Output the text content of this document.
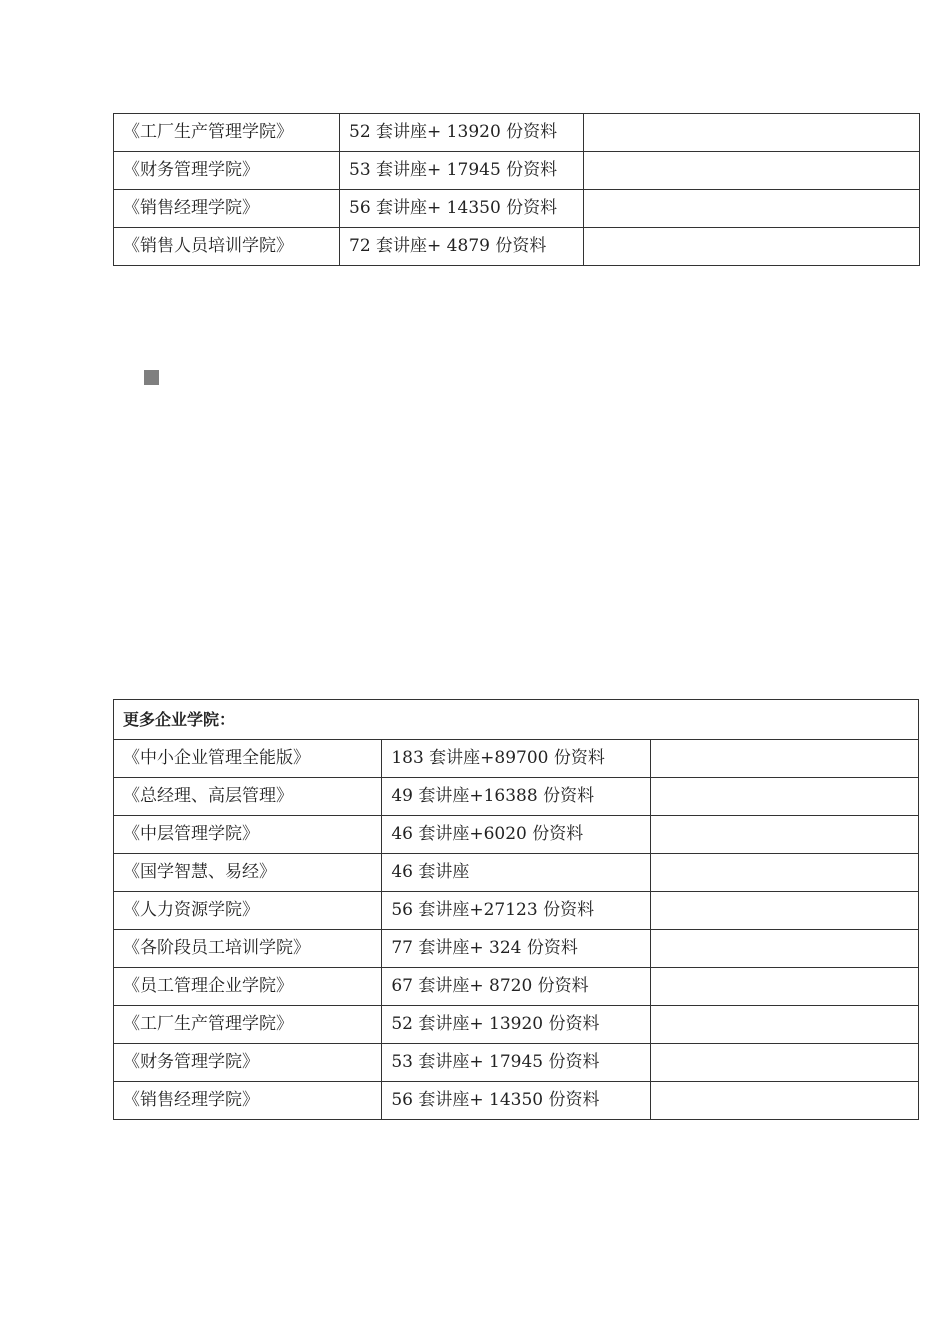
《工厂生产管理学院》	52 套讲座+ 13920 份资料	
《财务管理学院》	53 套讲座+ 17945 份资料	
《销售经理学院》	56 套讲座+ 14350 份资料	
《销售人员培训学院》	72 套讲座+ 4879 份资料	
更多企业学院：		
《中小企业管理全能版》	183 套讲座+89700 份资料	
《总经理、高层管理》	49 套讲座+16388 份资料	
《中层管理学院》	46 套讲座+6020 份资料	
《国学智慧、易经》	46 套讲座	
《人力资源学院》	56 套讲座+27123 份资料	
《各阶段员工培训学院》	77 套讲座+ 324 份资料	
《员工管理企业学院》	67 套讲座+ 8720 份资料	
《工厂生产管理学院》	52 套讲座+ 13920 份资料	
《财务管理学院》	53 套讲座+ 17945 份资料	
《销售经理学院》	56 套讲座+ 14350 份资料	
